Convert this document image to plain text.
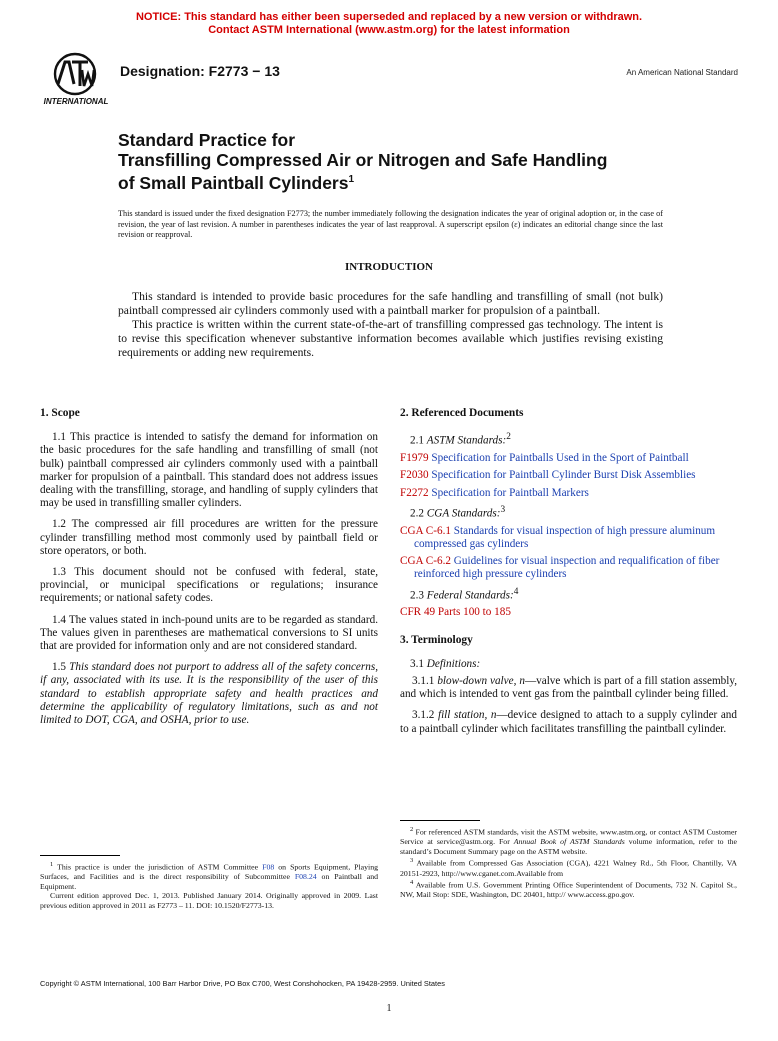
NOTICE: This standard has either been superseded and replaced by a new version or withdrawn.
Contact ASTM International (www.astm.org) for the latest information
INTERNATIONAL
Designation: F2773 − 13	An American National Standard
Standard Practice for
Transfilling Compressed Air or Nitrogen and Safe Handling
of Small Paintball Cylinders$^1$
This standard is issued under the fixed designation F2773; the number immediately following the designation indicates the year of original adoption or, in the case of revision, the year of last revision. A number in parentheses indicates the year of last reapproval. A superscript epsilon (ε) indicates an editorial change since the last revision or reapproval.
INTRODUCTION

This standard is intended to provide basic procedures for the safe handling and transfilling of small (not bulk) paintball compressed air cylinders commonly used with a paintball marker for propulsion of a paintball.

This practice is written within the current state-of-the-art of transfilling compressed gas technology. The intent is to revise this specification whenever substantive information becomes available which justifies revising existing requirements or adding new requirements.

1. Scope

1.1 This practice is intended to satisfy the demand for information on the basic procedures for the safe handling and transfilling of small (not bulk) paintball compressed air cylinders commonly used with a paintball marker for propulsion of a paintball. This standard does not address issues dealing with the transfilling, storage, and handling of supply cylinders that may be used in transfilling smaller cylinders.

1.2 The compressed air fill procedures are written for the pressure cylinder transfilling method most commonly used by paintball field or store operators, or both.

1.3 This document should not be confused with federal, state, provincial, or municipal specifications or regulations; insurance requirements; or national safety codes.

1.4 The values stated in inch-pound units are to be regarded as standard. The values given in parentheses are mathematical conversions to SI units that are provided for information only and are not considered standard.

1.5 This standard does not purport to address all of the safety concerns, if any, associated with its use. It is the responsibility of the user of this standard to establish appropriate safety and health practices and determine the applicability of regulatory limitations, such as and not limited to DOT, CGA, and OSHA, prior to use.

2. Referenced Documents
2.1 ASTM Standards:$^2$
F1979 Specification for Paintballs Used in the Sport of Paintball
F2030 Specification for Paintball Cylinder Burst Disk Assemblies
F2272 Specification for Paintball Markers
2.2 CGA Standards:$^3$
CGA C-6.1 Standards for visual inspection of high pressure aluminum compressed gas cylinders
CGA C-6.2 Guidelines for visual inspection and requalification of fiber reinforced high pressure cylinders
2.3 Federal Standards:$^4$
CFR 49 Parts 100 to 185
3. Terminology
3.1 Definitions:

3.1.1 blow-down valve, n—valve which is part of a fill station assembly, and which is intended to vent gas from the paintball cylinder being filled.

3.1.2 fill station, n—device designed to attach to a supply cylinder and to a paintball cylinder which facilitates transfilling the paintball cylinder.

$^1$ This practice is under the jurisdiction of ASTM Committee F08 on Sports Equipment, Playing Surfaces, and Facilities and is the direct responsibility of Subcommittee F08.24 on Paintball and Equipment.

Current edition approved Dec. 1, 2013. Published January 2014. Originally approved in 2009. Last previous edition approved in 2011 as F2773 – 11. DOI: 10.1520/F2773-13.

$^2$ For referenced ASTM standards, visit the ASTM website, www.astm.org, or contact ASTM Customer Service at service@astm.org. For Annual Book of ASTM Standards volume information, refer to the standard’s Document Summary page on the ASTM website.

$^3$ Available from Compressed Gas Association (CGA), 4221 Walney Rd., 5th Floor, Chantilly, VA 20151-2923, http://www.cganet.com.Available from

$^4$ Available from U.S. Government Printing Office Superintendent of Documents, 732 N. Capitol St., NW, Mail Stop: SDE, Washington, DC 20401, http:// www.access.gpo.gov.

Copyright © ASTM International, 100 Barr Harbor Drive, PO Box C700, West Conshohocken, PA 19428-2959. United States
1
